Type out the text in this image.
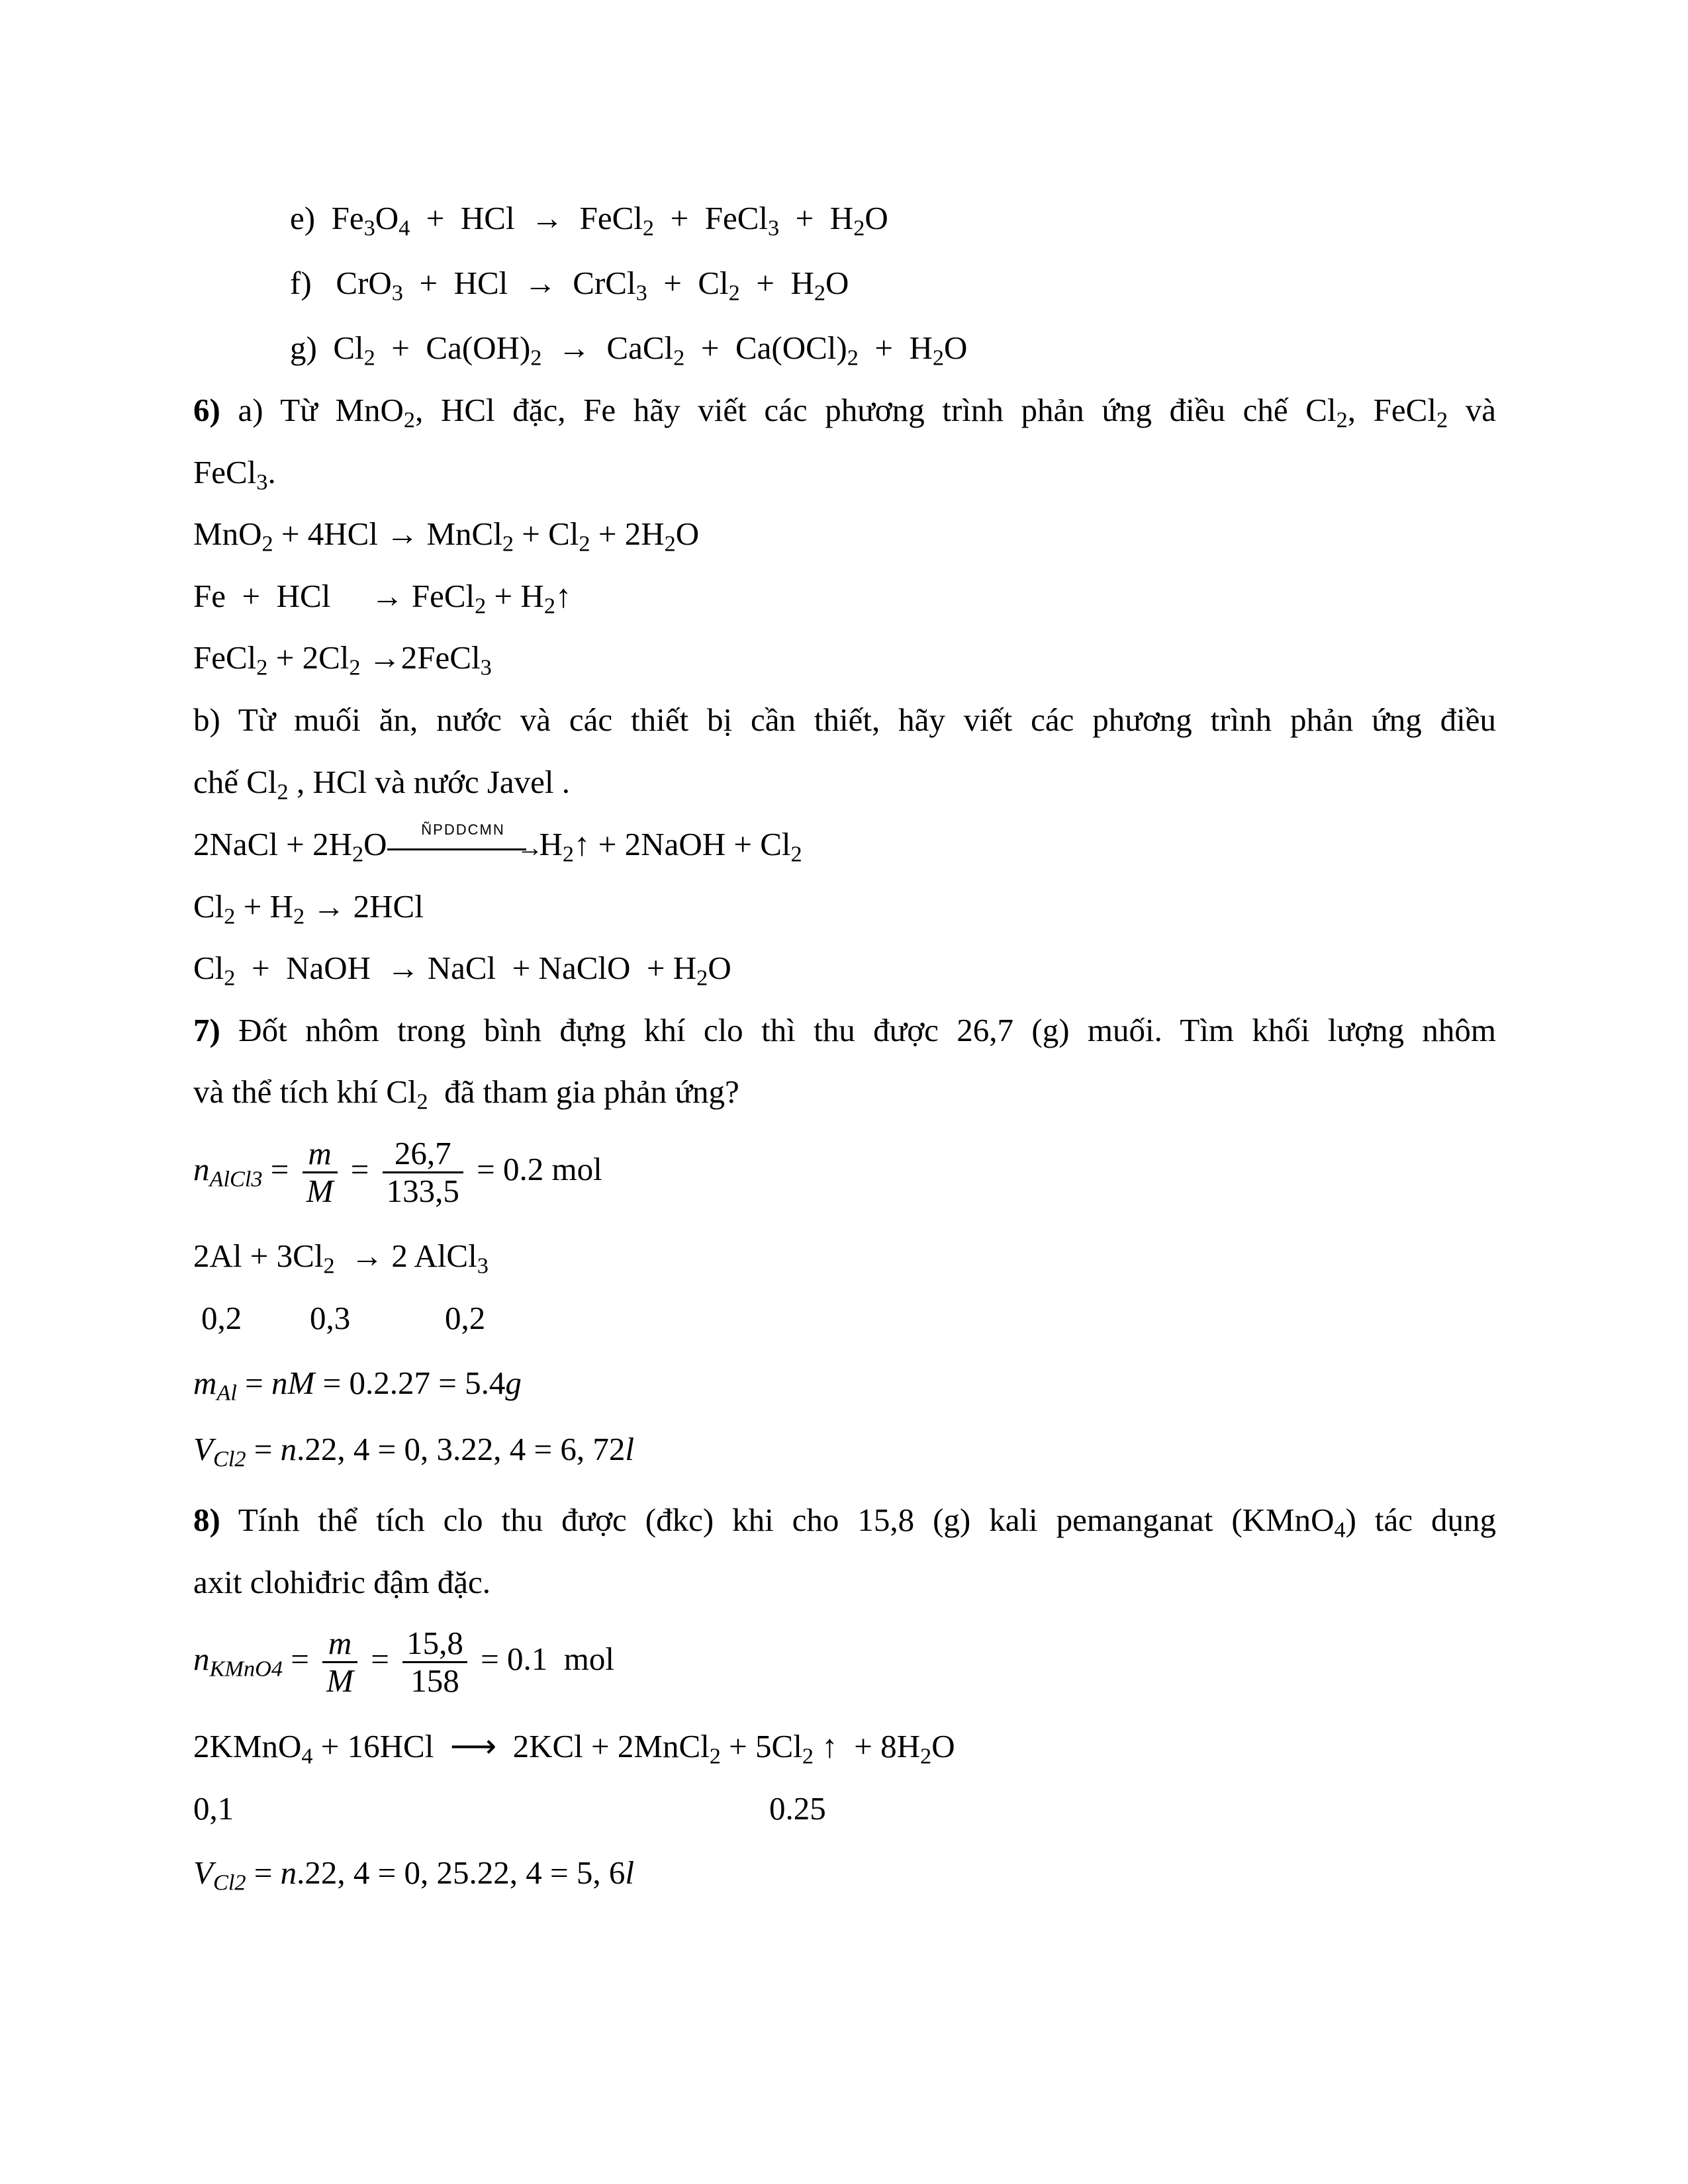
e) $Fe_3O_4$  +  HCl  →  FeCl$_2$  +  FeCl$_3$  +  $H_2O$
f) CrO$_3$  +  HCl  →  CrCl$_3$  +  $Cl_2 + H_2O$
g) $Cl_2 + Ca(OH)_2$  →  CaCl$_2$  +  $Ca(OCl)_2 + H_2O$
6) a) Từ MnO$_2$, HCl đặc, Fe hãy viết các phương trình phản ứng điều chế $Cl_2$, FeCl$_2$ và
FeCl$_3$.
MnO$_2$ + 4HCl → MnCl$_2$ + $Cl_2 + 2H_2O$
Fe  +  HCl     → FeCl$_2$ + $H_2↑$
FeCl$_2$ + $2Cl_2$ →2FeCl$_3$
b) Từ muối ăn, nước và các thiết bị cần thiết, hãy viết các phương trình phản ứng điều
chế $Cl_2$ , HCl và nước Javel .
2NaCl + $2H_2O$	ÑPDDCMN
$\to H_2↑$ + 2NaOH + $Cl_2$
$Cl_2 + H_2 \to 2HCl$
$Cl_2$  +  NaOH  → NaCl  + NaClO  + $H_2O$
7) Đốt nhôm trong bình đựng khí clo thì thu được 26,7 (g) muối. Tìm khối lượng nhôm
và thể tích khí $Cl_2$  đã tham gia phản ứng?
$n_{AlCl3} = \frac{m}{M} = \frac{26,7}{133,5} = 0.2$ mol
$2Al + 3Cl_2 \to 2$ AlCl$_3$
0,2 0,3	0,2
$m_{Al}$ = nM = 0.2.27 = 5.4g
$V_{Cl2} = n.22$, 4 = 0, 3.22, 4 = 6, 72l
8) Tính thể tích clo thu được (đkc) khi cho 15,8 (g) kali pemanganat (KMnO$_4$) tác dụng
axit clohiđric đậm đặc.
$n_{KMnO4} = \frac{m}{M} = \frac{15,8}{158} = 0.1$  mol
2KMnO$_4$ + 16HCl  ⟶  2KCl + 2MnCl$_2$ + $5Cl_2$ ↑  + $8H_2O$
0,1	0.25
$V_{Cl2} = n.22$, 4 = 0, 25.22, 4 = 5, 6l
